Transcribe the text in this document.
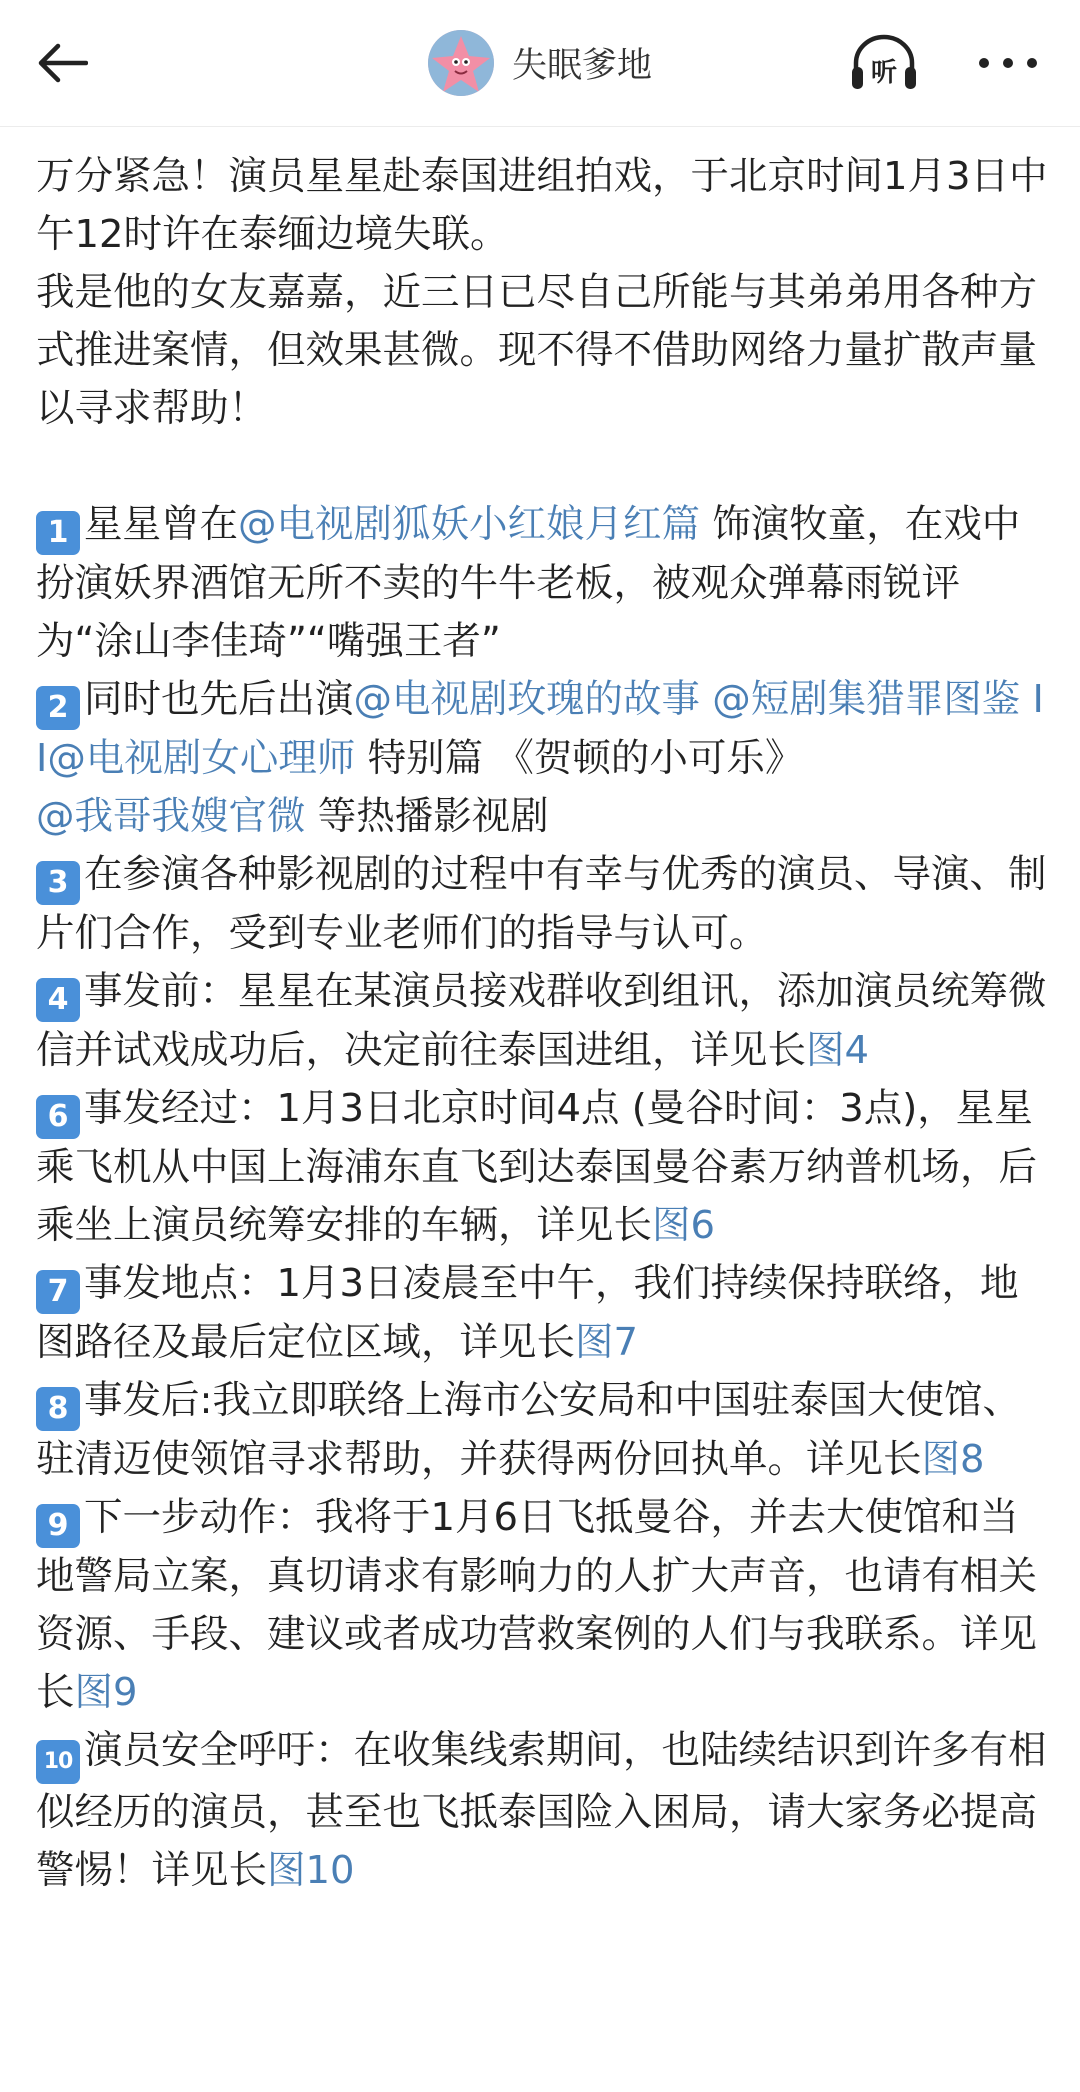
失眠爹地	听

万分紧急！演员星星赴泰国进组拍戏，于北京时间1月3日中午12时许在泰缅边境失联。

我是他的女友嘉嘉，近三日已尽自己所能与其弟弟用各种方式推进案情，但效果甚微。现不得不借助网络力量扩散声量以寻求帮助！

1 星星曾在@电视剧狐妖小红娘月红篇 饰演牧童，在戏中扮演妖界酒馆无所不卖的牛牛老板，被观众弹幕雨锐评为“涂山李佳琦”“嘴强王者”

2 同时也先后出演@电视剧玫瑰的故事 @短剧集猎罪图鉴 II@电视剧女心理师 特别篇 《贺顿的小可乐》
@我哥我嫂官微 等热播影视剧

3 在参演各种影视剧的过程中有幸与优秀的演员、导演、制片们合作，受到专业老师们的指导与认可。

4 事发前：星星在某演员接戏群收到组讯，添加演员统筹微信并试戏成功后，决定前往泰国进组，详见长图4

6 事发经过：1月3日北京时间4点 (曼谷时间：3点)，星星乘飞机从中国上海浦东直飞到达泰国曼谷素万纳普机场，后乘坐上演员统筹安排的车辆，详见长图6

7 事发地点：1月3日凌晨至中午，我们持续保持联络，地图路径及最后定位区域，详见长图7

8 事发后:我立即联络上海市公安局和中国驻泰国大使馆、驻清迈使领馆寻求帮助，并获得两份回执单。详见长图8

9 下一步动作：我将于1月6日飞抵曼谷，并去大使馆和当地警局立案，真切请求有影响力的人扩大声音，也请有相关资源、手段、建议或者成功营救案例的人们与我联系。详见长图9

10 演员安全呼吁：在收集线索期间，也陆续结识到许多有相似经历的演员，甚至也飞抵泰国险入困局，请大家务必提高警惕！详见长图10
